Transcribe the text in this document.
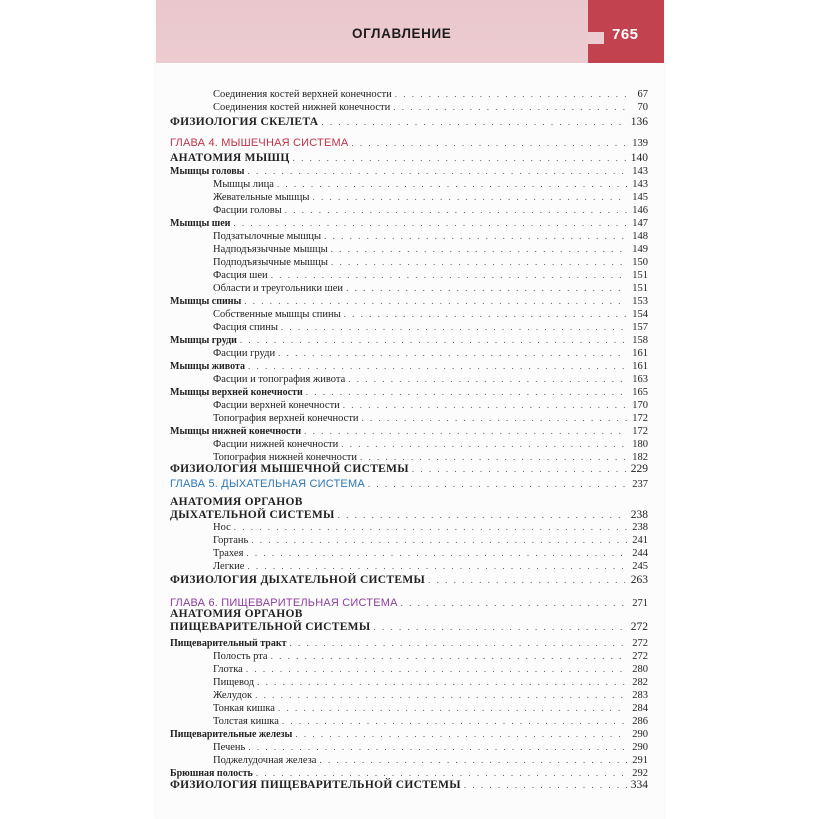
ОГЛАВЛЕНИЕ	765
Соединения костей верхней конечности . . .	67
Соединения костей нижней конечности . . .	70
ФИЗИОЛОГИЯ СКЕЛЕТА . . .	136
ГЛАВА 4. МЫШЕЧНАЯ СИСТЕМА . . .	139
АНАТОМИЯ МЫШЦ . . .	140
Мышцы головы . . .	143
Мышцы лица . . .	143
Жевательные мышцы . . .	145
Фасции головы . . .	146
Мышцы шеи . . .	147
Подзатылочные мышцы . . .	148
Надподъязычные мышцы . . .	149
Подподъязычные мышцы . . .	150
Фасция шеи . . .	151
Области и треугольники шеи . . .	151
Мышцы спины . . .	153
Собственные мышцы спины . . .	154
Фасция спины . . .	157
Мышцы груди . . .	158
Фасции груди . . .	161
Мышцы живота . . .	161
Фасции и топография живота . . .	163
Мышцы верхней конечности . . .	165
Фасции верхней конечности . . .	170
Топография верхней конечности . . .	172
Мышцы нижней конечности . . .	172
Фасции нижней конечности . . .	180
Топография нижней конечности . . .	182
ФИЗИОЛОГИЯ МЫШЕЧНОЙ СИСТЕМЫ . . .	229
ГЛАВА 5. ДЫХАТЕЛЬНАЯ СИСТЕМА . . .	237
АНАТОМИЯ ОРГАНОВ
ДЫХАТЕЛЬНОЙ СИСТЕМЫ . . .	238
Нос . . .	238
Гортань . . .	241
Трахея . . .	244
Легкие . . .	245
ФИЗИОЛОГИЯ ДЫХАТЕЛЬНОЙ СИСТЕМЫ . . .	263
ГЛАВА 6. ПИЩЕВАРИТЕЛЬНАЯ СИСТЕМА . . .	271
АНАТОМИЯ ОРГАНОВ
ПИЩЕВАРИТЕЛЬНОЙ СИСТЕМЫ . . .	272
Пищеварительный тракт . . .	272
Полость рта . . .	272
Глотка . . .	280
Пищевод . . .	282
Желудок . . .	283
Тонкая кишка . . .	284
Толстая кишка . . .	286
Пищеварительные железы . . .	290
Печень . . .	290
Поджелудочная железа . . .	291
Брюшная полость . . .	292
ФИЗИОЛОГИЯ ПИЩЕВАРИТЕЛЬНОЙ СИСТЕМЫ . . .	334
